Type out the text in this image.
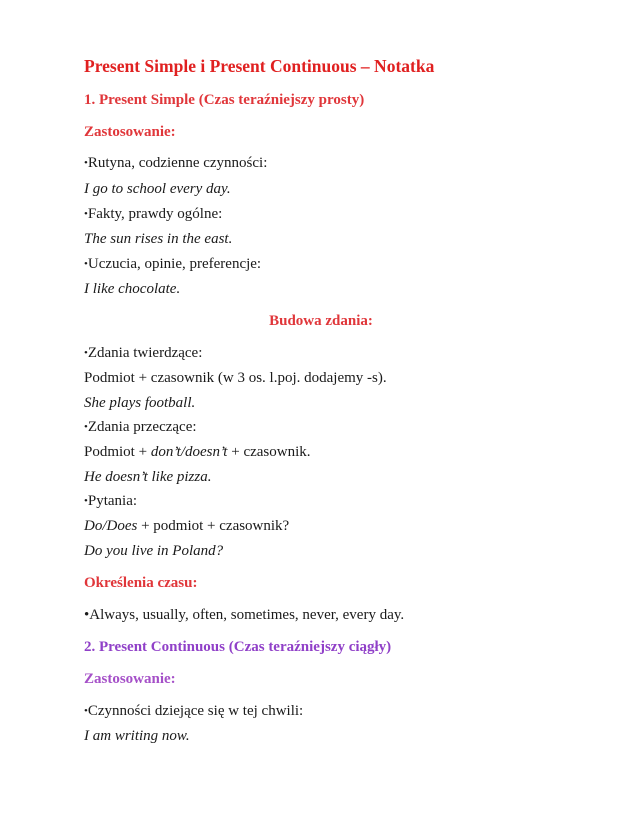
Present Simple i Present Continuous – Notatka
1. Present Simple (Czas teraźniejszy prosty)
Zastosowanie:
•Rutyna, codzienne czynności:
I go to school every day.
•Fakty, prawdy ogólne:
The sun rises in the east.
•Uczucia, opinie, preferencje:
I like chocolate.
Budowa zdania:
•Zdania twierdzące:
Podmiot + czasownik (w 3 os. l.poj. dodajemy -s).
She plays football.
•Zdania przeczące:
Podmiot + don’t/doesn’t + czasownik.
He doesn’t like pizza.
•Pytania:
Do/Does + podmiot + czasownik?
Do you live in Poland?
Określenia czasu:
•Always, usually, often, sometimes, never, every day.
2. Present Continuous (Czas teraźniejszy ciągły)
Zastosowanie:
•Czynności dziejące się w tej chwili:
I am writing now.
